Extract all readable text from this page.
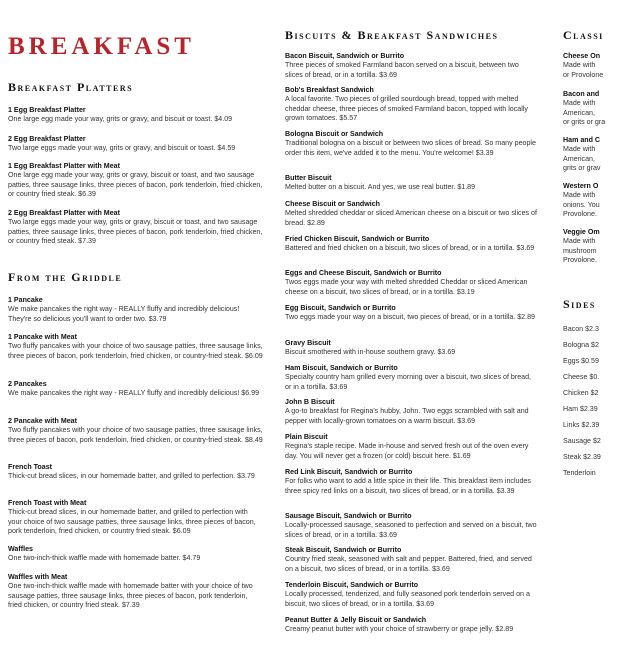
BREAKFAST
Breakfast Platters
1 Egg Breakfast Platter
One large egg made your way, grits or gravy, and biscuit or toast. $4.09
2 Egg Breakfast Platter
Two large eggs made your way, grits or gravy, and biscuit or toast. $4.59
1 Egg Breakfast Platter with Meat
One large egg made your way, grits or gravy, biscuit or toast, and two sausage patties, three sausage links, three pieces of bacon, pork tenderloin, fried chicken, or country fried steak. $6.39
2 Egg Breakfast Platter with Meat
Two large eggs made your way, grits or gravy, biscuit or toast, and two sausage patties, three sausage links, three pieces of bacon, pork tenderloin, fried chicken, or country fried steak. $7.39
From the Griddle
1 Pancake
We make pancakes the right way - REALLY fluffy and incredibly delicious! They're so delicious you'll want to order two. $3.79
1 Pancake with Meat
Two fluffy pancakes with your choice of two sausage patties, three sausage links, three pieces of bacon, pork tenderloin, fried chicken, or country-fried steak. $6.09
2 Pancakes
We make pancakes the right way - REALLY fluffy and incredibly delicious! $6.99
2 Pancake with Meat
Two fluffy pancakes with your choice of two sausage patties, three sausage links, three pieces of bacon, pork tenderloin, fried chicken, or country-fried steak. $8.49
French Toast
Thick-cut bread slices, in our homemade batter, and grilled to perfection. $3.79
French Toast with Meat
Thick-cut bread slices, in our homemade batter, and grilled to perfection with your choice of two sausage patties, three sausage links, three pieces of bacon, pork tenderloin, fried chicken, or country fried steak. $6.09
Waffles
One two-inch-thick waffle made with homemade batter. $4.79
Waffles with Meat
One two-inch-thick waffle made with homemade batter with your choice of two sausage patties, three sausage links, three pieces of bacon, pork tenderloin, fried chicken, or country fried steak. $7.39
Biscuits & Breakfast Sandwiches
Bacon Biscuit, Sandwich or Burrito
Three pieces of smoked Farmland bacon served on a biscuit, between two slices of bread, or in a tortilla. $3.69
Bob's Breakfast Sandwich
A local favorite. Two pieces of grilled sourdough bread, topped with melted cheddar cheese, three pieces of smoked Farmland bacon, topped with locally grown tomatoes. $5.57
Bologna Biscuit or Sandwich
Traditional bologna on a biscuit or between two slices of bread. So many people order this item, we've added it to the menu. You're welcome! $3.39
Butter Biscuit
Melted butter on a biscuit. And yes, we use real butter. $1.89
Cheese Biscuit or Sandwich
Melted shredded cheddar or sliced American cheese on a biscuit or two slices of bread. $2.89
Fried Chicken Biscuit, Sandwich or Burrito
Battered and fried chicken on a biscuit, two slices of bread, or in a tortilla. $3.69
Eggs and Cheese Biscuit, Sandwich or Burrito
Twos eggs made your way with melted shredded Cheddar or sliced American cheese on a biscuit, two slices of bread, or in a tortilla. $3.19
Egg Biscuit, Sandwich or Burrito
Two eggs made your way on a biscuit, two pieces of bread, or in a tortilla. $2.89
Gravy Biscuit
Biscuit smothered with in-house southern gravy. $3.69
Ham Biscuit, Sandwich or Burrito
Specialty country ham grilled every morning over a biscuit, two slices of bread, or in a tortilla. $3.69
John B Biscuit
A go-to breakfast for Regina's hubby, John. Two eggs scrambled with salt and pepper with locally-grown tomatoes on a warm biscuit. $3.69
Plain Biscuit
Regina's staple recipe. Made in-house and served fresh out of the oven every day. You will never get a frozen (or cold) biscuit here. $1.69
Red Link Biscuit, Sandwich or Burrito
For folks who want to add a little spice in their life. This breakfast item includes three spicy red links on a biscuit, two slices of bread, or in a tortilla. $3.39
Sausage Biscuit, Sandwich or Burrito
Locally-processed sausage, seasoned to perfection and served on a biscuit, two slices of bread, or in a tortilla. $3.69
Steak Biscuit, Sandwich or Burrito
Country fried steak, seasoned with salt and pepper. Battered, fried, and served on a biscuit, two slices of bread, or in a tortilla. $3.69
Tenderloin Biscuit, Sandwich or Burrito
Locally processed, tenderized, and fully seasoned pork tenderloin served on a biscuit, two slices of bread, or in a tortilla. $3.69
Peanut Butter & Jelly Biscuit or Sandwich
Creamy peanut butter with your choice of strawberry or grape jelly. $2.89
Classi
Cheese On
Made with
or Provolone
Bacon and
Made with
American,
or grits or gra
Ham and C
Made with
American,
grits or grav
Western O
Made with
onions. You
Provolone.
Veggie Om
Made with
mushroom
Provolone.
Sides
Bacon $2.3
Bologna $2
Eggs $0.59
Cheese $0.
Chicken $2
Ham $2.39
Links $2.39
Sausage $2
Steak $2.39
Tenderloin
